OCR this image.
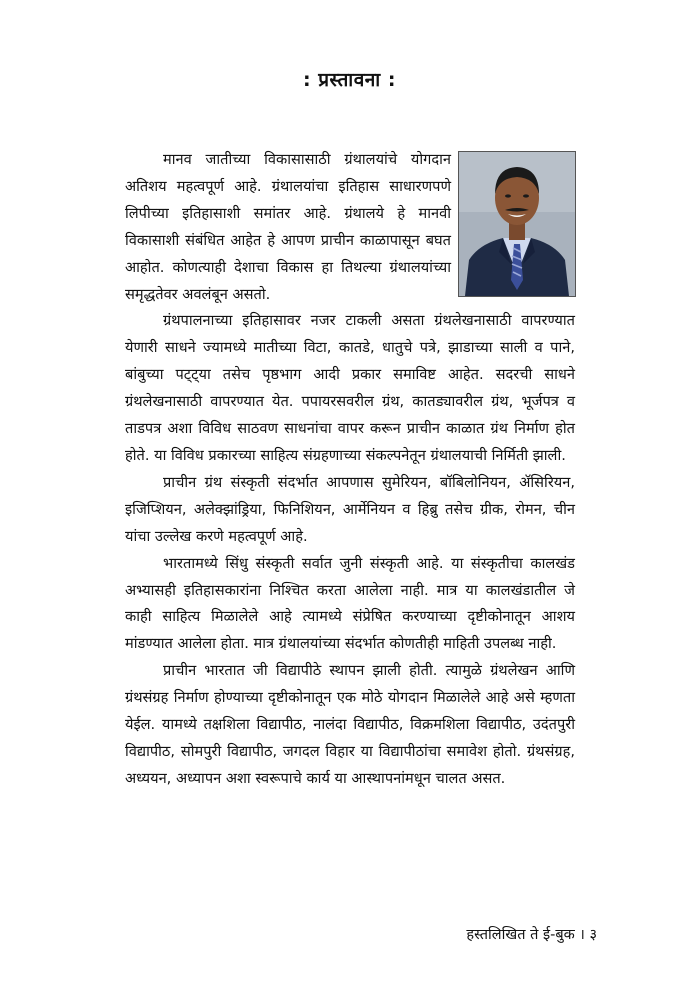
: प्रस्तावना :

मानव जातीच्या विकासासाठी ग्रंथालयांचे योगदान अतिशय महत्वपूर्ण आहे. ग्रंथालयांचा इतिहास साधारणपणे लिपीच्या इतिहासाशी समांतर आहे. ग्रंथालये हे मानवी विकासाशी संबंधित आहेत हे आपण प्राचीन काळापासून बघत आहोत. कोणत्याही देशाचा विकास हा तिथल्या ग्रंथालयांच्या समृद्धतेवर अवलंबून असतो.

ग्रंथपालनाच्या इतिहासावर नजर टाकली असता ग्रंथलेखनासाठी वापरण्यात येणारी साधने ज्यामध्ये मातीच्या विटा, कातडे, धातुचे पत्रे, झाडाच्या साली व पाने, बांबुच्या पट्ट्या तसेच पृष्ठभाग आदी प्रकार समाविष्ट आहेत. सदरची साधने ग्रंथलेखनासाठी वापरण्यात येत. पपायरसवरील ग्रंथ, कातड्यावरील ग्रंथ, भूर्जपत्र व ताडपत्र अशा विविध साठवण साधनांचा वापर करून प्राचीन काळात ग्रंथ निर्माण होत होते. या विविध प्रकारच्या साहित्य संग्रहणाच्या संकल्पनेतून ग्रंथालयाची निर्मिती झाली.

प्राचीन ग्रंथ संस्कृती संदर्भात आपणास सुमेरियन, बॉबिलोनियन, ॲसिरियन, इजिप्शियन, अलेक्झांड्रिया, फिनिशियन, आर्मेनियन व हिब्रु तसेच ग्रीक, रोमन, चीन यांचा उल्लेख करणे महत्वपूर्ण आहे.

भारतामध्ये सिंधु संस्कृती सर्वात जुनी संस्कृती आहे. या संस्कृतीचा कालखंड अभ्यासही इतिहासकारांना निश्चित करता आलेला नाही. मात्र या कालखंडातील जे काही साहित्य मिळालेले आहे त्यामध्ये संप्रेषित करण्याच्या दृष्टीकोनातून आशय मांडण्यात आलेला होता. मात्र ग्रंथालयांच्या संदर्भात कोणतीही माहिती उपलब्ध नाही.

प्राचीन भारतात जी विद्यापीठे स्थापन झाली होती. त्यामुळे ग्रंथलेखन आणि ग्रंथसंग्रह निर्माण होण्याच्या दृष्टीकोनातून एक मोठे योगदान मिळालेले आहे असे म्हणता येईल. यामध्ये तक्षशिला विद्यापीठ, नालंदा विद्यापीठ, विक्रमशिला विद्यापीठ, उदंतपुरी विद्यापीठ, सोमपुरी विद्यापीठ, जगदल विहार या विद्यापीठांचा समावेश होतो. ग्रंथसंग्रह, अध्ययन, अध्यापन अशा स्वरूपाचे कार्य या आस्थापनांमधून चालत असत.

हस्तलिखित ते ई-बुक । ३
